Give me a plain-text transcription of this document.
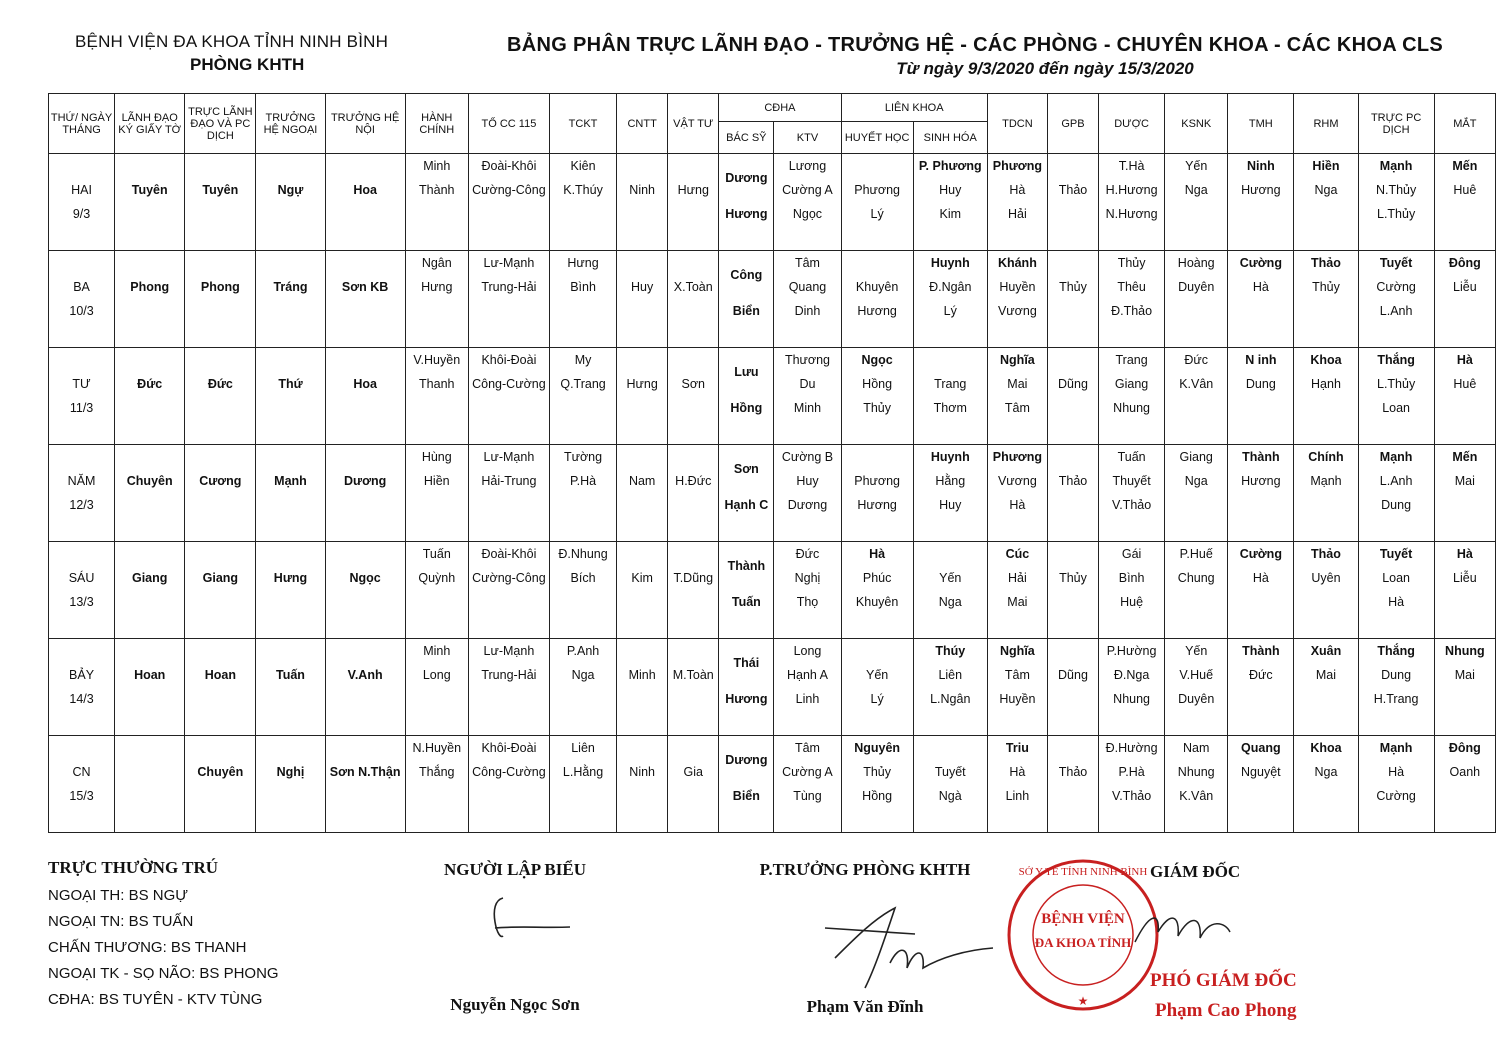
BỆNH VIỆN ĐA KHOA TỈNH NINH BÌNH
PHÒNG KHTH
BẢNG PHÂN TRỰC LÃNH ĐẠO - TRƯỞNG HỆ - CÁC PHÒNG - CHUYÊN KHOA - CÁC KHOA CLS
Từ ngày 9/3/2020 đến ngày 15/3/2020
THỨ/ NGÀY THÁNG	LÃNH ĐẠO KÝ GIẤY TỜ	TRỰC LÃNH ĐẠO VÀ PC DỊCH	TRƯỞNG HỆ NGOẠI	TRƯỞNG HỆ NỘI	HÀNH CHÍNH	TỔ CC 115	TCKT	CNTT	VẬT TƯ	CĐHA		LIÊN KHOA		TDCN	GPB	DƯỢC	KSNK	TMH	RHM	TRỰC PC DỊCH	MẮT
										BÁC SỸ	KTV	HUYẾT HỌC	SINH HÓA								
					Minh	Đoài-Khôi	Kiên			Dương	Lương		P. Phương	Phương		T.Hà	Yến	Ninh	Hiền	Mạnh	Mến
HAI	Tuyên	Tuyên	Ngự	Hoa	Thành	Cường-Công	K.Thúy	Ninh	Hưng		Cường A	Phương	Huy	Hà	Thảo	H.Hương	Nga	Hương	Nga	N.Thủy	Huê
9/3										Hương	Ngọc	Lý	Kim	Hải		N.Hương				L.Thủy	

					Ngân	Lư-Mạnh	Hưng			Công	Tâm		Huynh	Khánh		Thủy	Hoàng	Cường	Thảo	Tuyết	Đông
BA	Phong	Phong	Tráng	Sơn KB	Hưng	Trung-Hải	Bình	Huy	X.Toàn		Quang	Khuyên	Đ.Ngân	Huyền	Thủy	Thêu	Duyên	Hà	Thủy	Cường	Liễu
10/3										Biển	Dinh	Hương	Lý	Vương		Đ.Thảo				L.Anh	

					V.Huyền	Khôi-Đoài	My			Lưu	Thương	Ngọc		Nghĩa		Trang	Đức	N inh	Khoa	Thắng	Hà
TƯ	Đức	Đức	Thứ	Hoa	Thanh	Công-Cường	Q.Trang	Hưng	Sơn		Du	Hồng	Trang	Mai	Dũng	Giang	K.Vân	Dung	Hạnh	L.Thủy	Huê
11/3										Hồng	Minh	Thủy	Thơm	Tâm		Nhung				Loan	

					Hùng	Lư-Mạnh	Tường			Sơn	Cường B		Huynh	Phương		Tuấn	Giang	Thành	Chính	Mạnh	Mến
NĂM	Chuyên	Cương	Mạnh	Dương	Hiền	Hải-Trung	P.Hà	Nam	H.Đức		Huy	Phương	Hằng	Vương	Thảo	Thuyết	Nga	Hương	Mạnh	L.Anh	Mai
12/3										Hạnh C	Dương	Hương	Huy	Hà		V.Thảo				Dung	

					Tuấn	Đoài-Khôi	Đ.Nhung			Thành	Đức	Hà		Cúc		Gái	P.Huế	Cường	Thảo	Tuyết	Hà
SÁU	Giang	Giang	Hưng	Ngọc	Quỳnh	Cường-Công	Bích	Kim	T.Dũng		Nghị	Phúc	Yến	Hải	Thủy	Bình	Chung	Hà	Uyên	Loan	Liễu
13/3										Tuấn	Thọ	Khuyên	Nga	Mai		Huệ				Hà	

					Minh	Lư-Mạnh	P.Anh			Thái	Long		Thúy	Nghĩa		P.Hường	Yến	Thành	Xuân	Thắng	Nhung
BẢY	Hoan	Hoan	Tuấn	V.Anh	Long	Trung-Hải	Nga	Minh	M.Toàn		Hạnh A	Yến	Liên	Tâm	Dũng	Đ.Nga	V.Huế	Đức	Mai	Dung	Mai
14/3										Hương	Linh	Lý	L.Ngân	Huyền		Nhung	Duyên			H.Trang	

					N.Huyền	Khôi-Đoài	Liên			Dương	Tâm	Nguyên		Triu		Đ.Hường	Nam	Quang	Khoa	Mạnh	Đông
CN		Chuyên	Nghị	Sơn N.Thận	Thắng	Công-Cường	L.Hằng	Ninh	Gia		Cường A	Thủy	Tuyết	Hà	Thảo	P.Hà	Nhung	Nguyệt	Nga	Hà	Oanh
15/3										Biển	Tùng	Hồng	Ngà	Linh		V.Thảo	K.Vân			Cường	

TRỰC THƯỜNG TRÚ
NGOẠI TH: BS NGỰ
NGOẠI TN: BS TUẤN
CHẤN THƯƠNG: BS THANH
NGOẠI TK - SỌ NÃO: BS PHONG
CĐHA: BS TUYÊN - KTV TÙNG
NGƯỜI LẬP BIỂU
Nguyễn Ngọc Sơn
P.TRƯỞNG PHÒNG KHTH
Phạm Văn Đĩnh
BỆNH VIỆN
ĐA KHOA TỈNH
SỞ Y TẾ TỈNH NINH BÌNH
★
GIÁM ĐỐC
PHÓ GIÁM ĐỐC
Phạm Cao Phong
